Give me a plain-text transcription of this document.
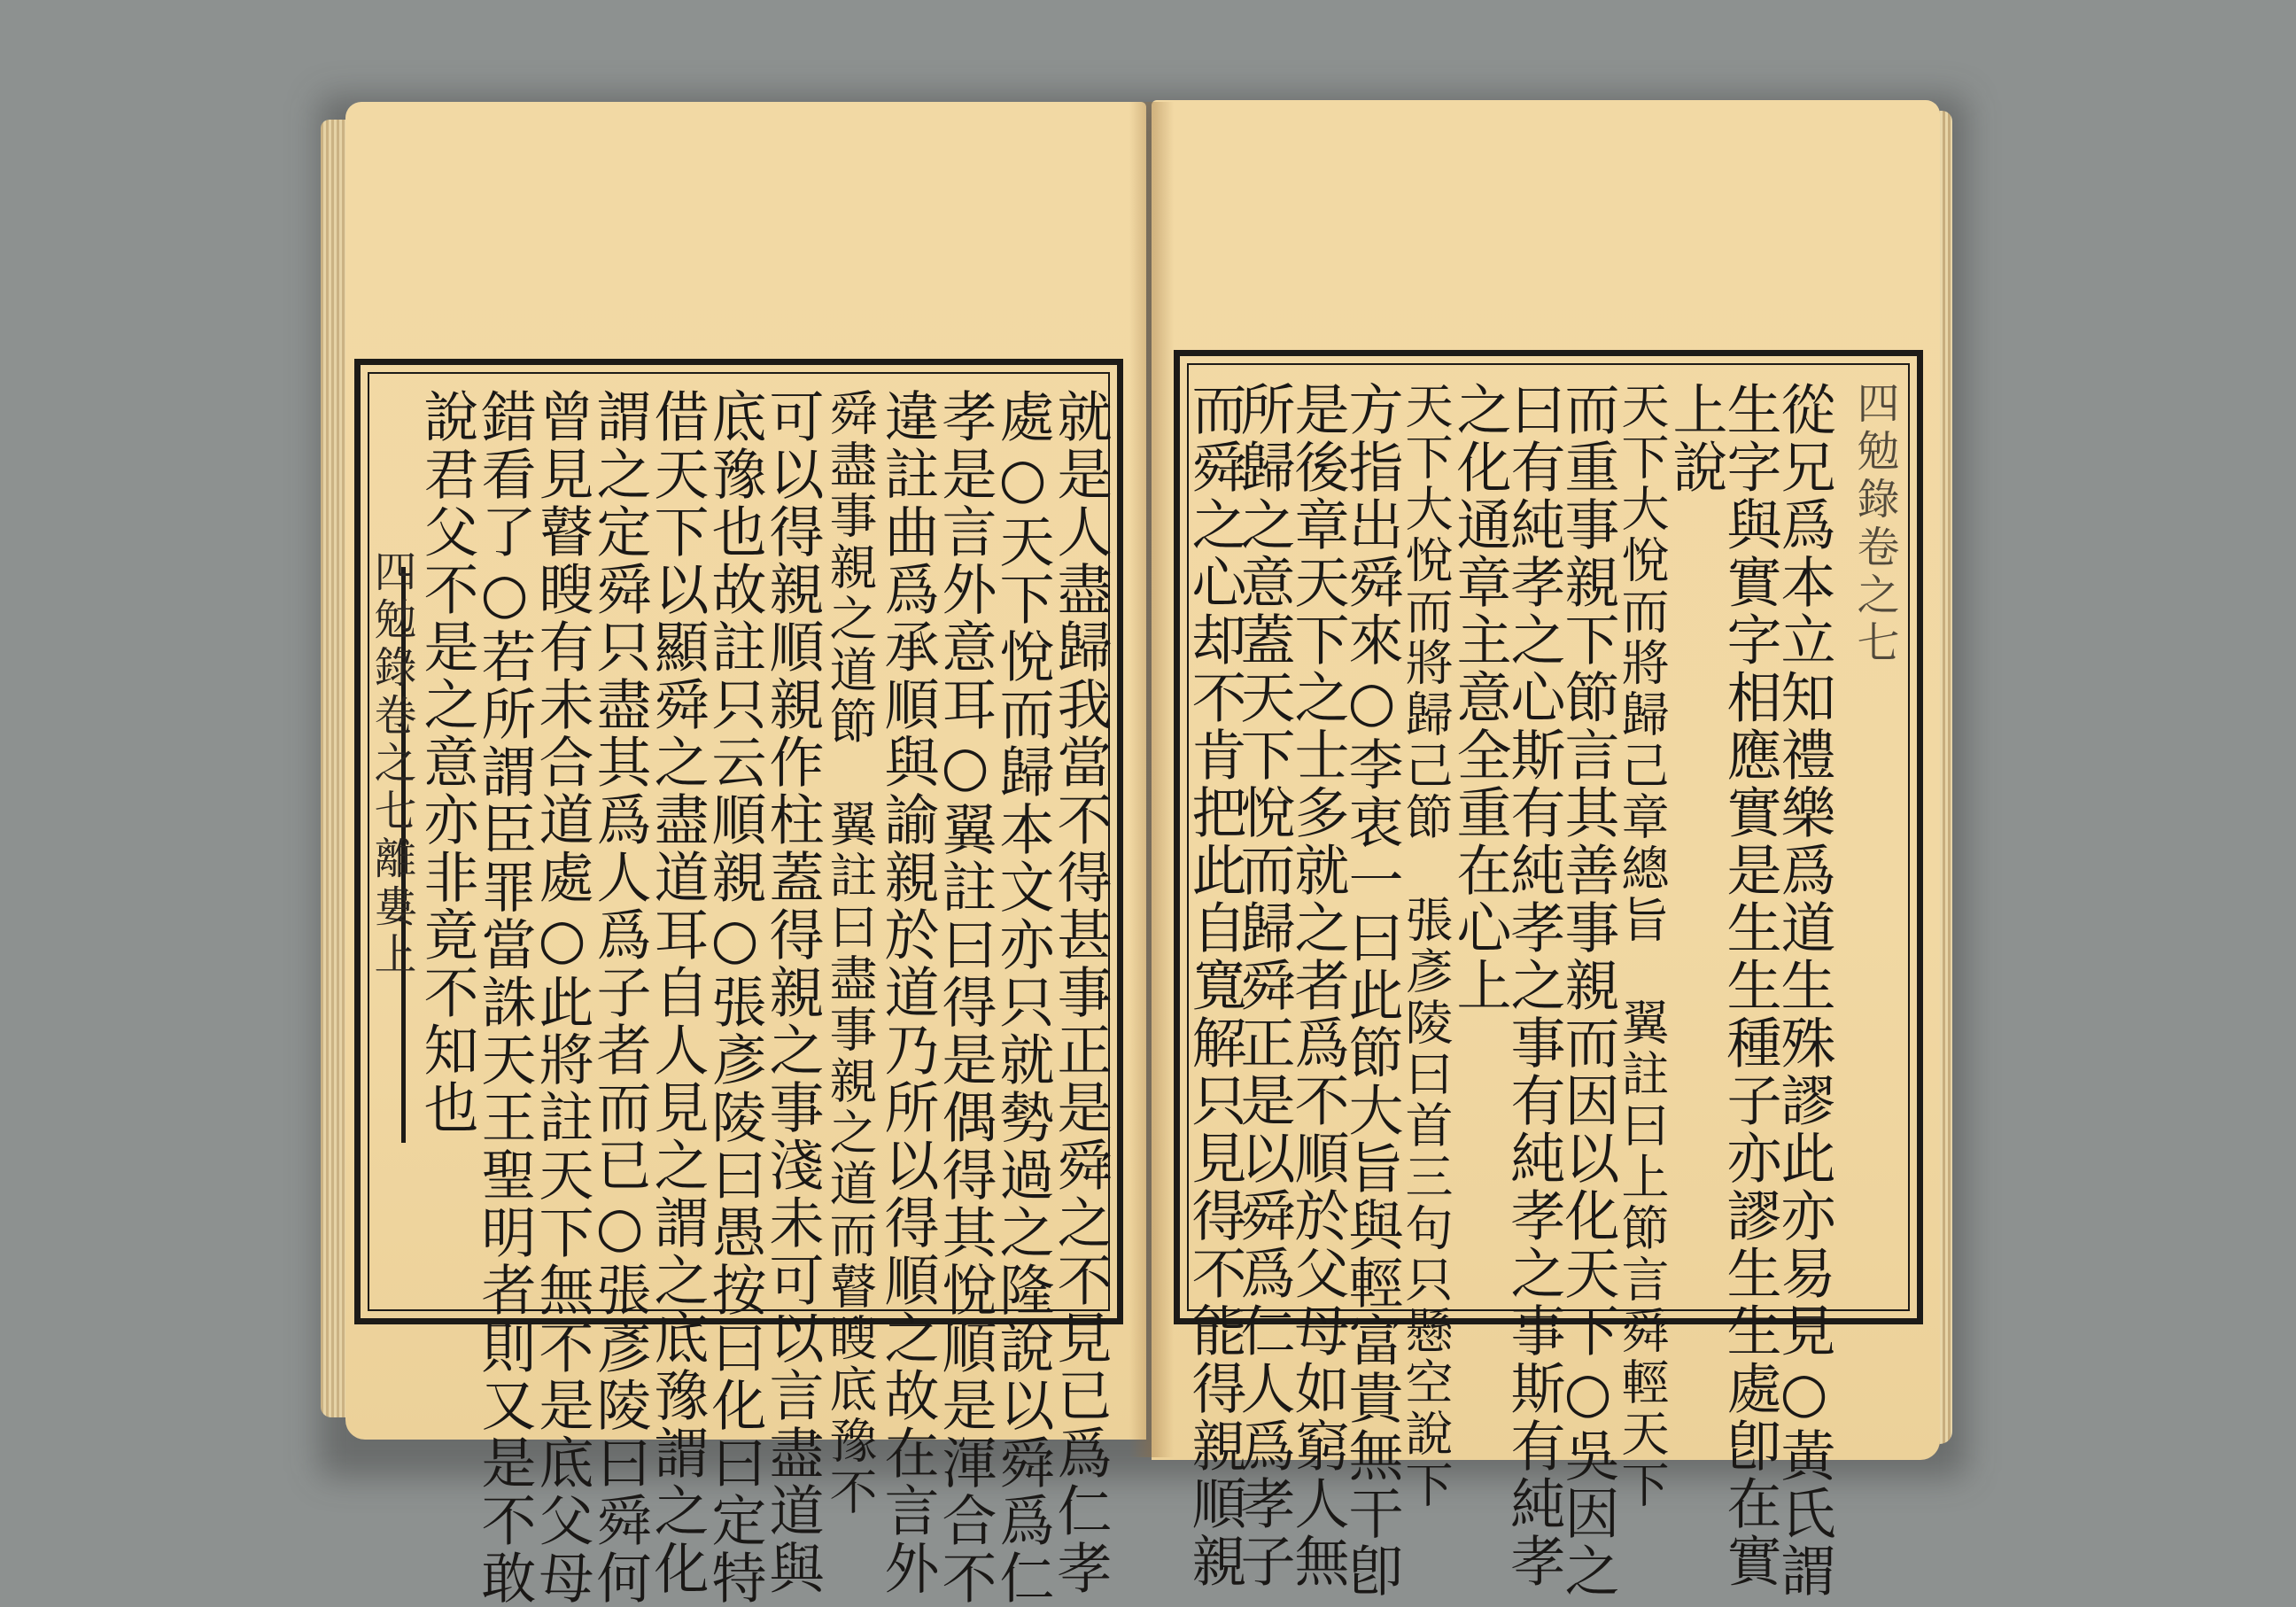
四勉錄卷之七離婁上	就是人盡歸我當不得甚事正是舜之不見已爲仁孝
處○天下悅而歸本文亦只就勢過之隆說以舜爲仁
孝是言外意耳○翼註曰得是偶得其悅順是渾合不
違註曲爲承順與諭親於道乃所以得順之故在言外
舜盡事親之道節　翼註曰盡事親之道而瞽瞍底豫不
可以得親順親作柱蓋得親之事淺未可以言盡道與
底豫也故註只云順親○張彥陵曰愚按曰化曰定特
借天下以顯舜之盡道耳自人見之謂之底豫謂之化
謂之定舜只盡其爲人爲子者而已○張彥陵曰舜何
曾見瞽瞍有未合道處○此將註天下無不是底父母
錯看了○若所謂臣罪當誅天王聖明者則又是不敢
說君父不是之意亦非竟不知也	四勉錄卷之七
從兄爲本立知禮樂爲道生殊謬此亦易見○黃氏謂
生字與實字相應實是生生種子亦謬生生處卽在實
上說
天下大悅而將歸己章總旨　翼註曰上節言舜輕天下
而重事親下節言其善事親而因以化天下○吳因之
曰有純孝之心斯有純孝之事有純孝之事斯有純孝
之化通章主意全重在心上
天下大悅而將歸己節　張彥陵曰首三句只懸空說下
方指出舜來○李衷一曰此節大旨與輕富貴無干卽
是後章天下之士多就之者爲不順於父母如窮人無
所歸之意蓋天下悅而歸舜正是以舜爲仁人爲孝子
而舜之心却不肯把此自寬解只見得不能得親順親
